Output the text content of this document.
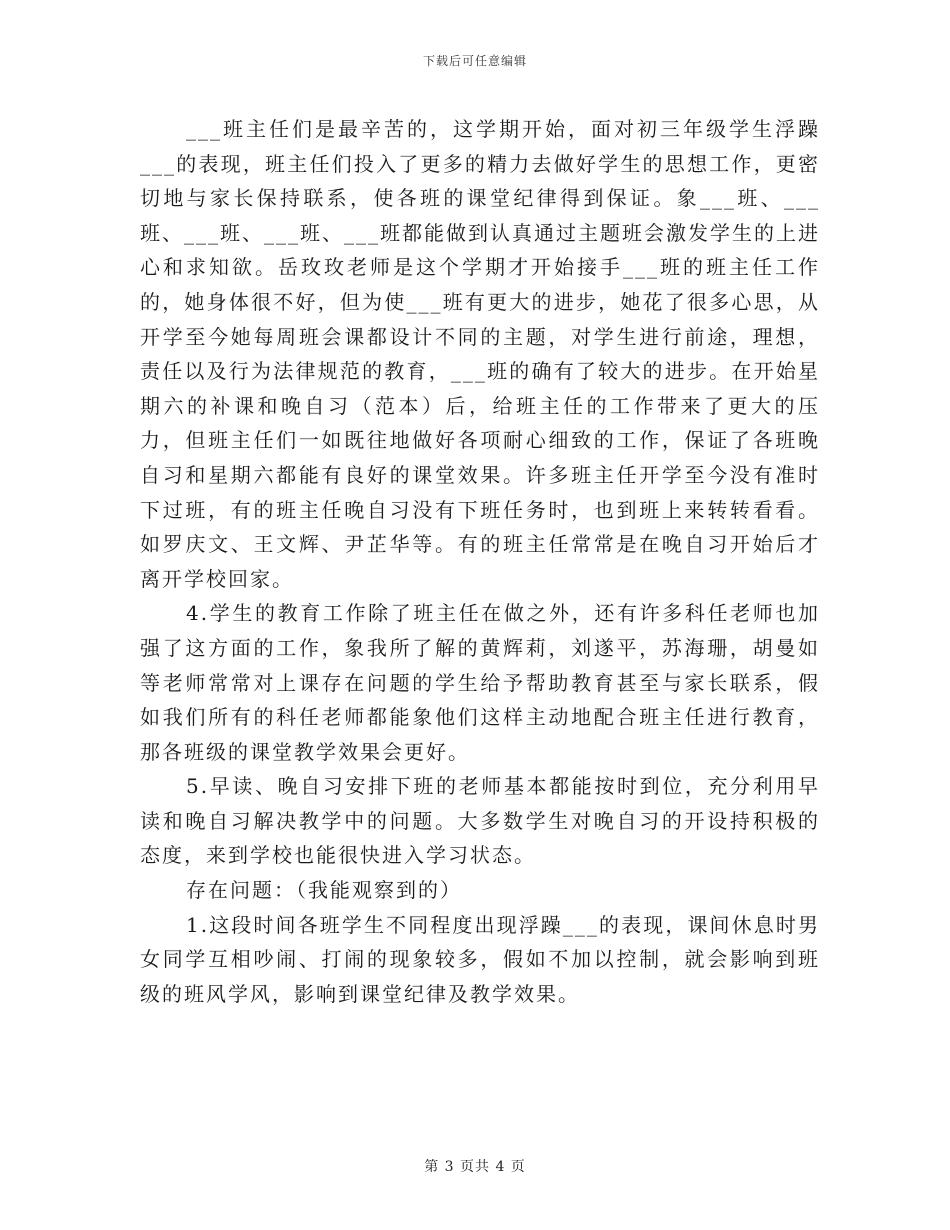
下载后可任意编辑

___班主任们是最辛苦的，这学期开始，面对初三年级学生浮躁___的表现，班主任们投入了更多的精力去做好学生的思想工作，更密切地与家长保持联系，使各班的课堂纪律得到保证。象___班、___班、___班、___班、___班都能做到认真通过主题班会激发学生的上进心和求知欲。岳玫玫老师是这个学期才开始接手___班的班主任工作的，她身体很不好，但为使___班有更大的进步，她花了很多心思，从开学至今她每周班会课都设计不同的主题，对学生进行前途，理想，责任以及行为法律规范的教育，___班的确有了较大的进步。在开始星期六的补课和晚自习（范本）后，给班主任的工作带来了更大的压力，但班主任们一如既往地做好各项耐心细致的工作，保证了各班晚自习和星期六都能有良好的课堂效果。许多班主任开学至今没有准时下过班，有的班主任晚自习没有下班任务时，也到班上来转转看看。如罗庆文、王文辉、尹芷华等。有的班主任常常是在晚自习开始后才离开学校回家。

4.学生的教育工作除了班主任在做之外，还有许多科任老师也加强了这方面的工作，象我所了解的黄辉莉，刘遂平，苏海珊，胡曼如等老师常常对上课存在问题的学生给予帮助教育甚至与家长联系，假如我们所有的科任老师都能象他们这样主动地配合班主任进行教育，那各班级的课堂教学效果会更好。

5.早读、晚自习安排下班的老师基本都能按时到位，充分利用早读和晚自习解决教学中的问题。大多数学生对晚自习的开设持积极的态度，来到学校也能很快进入学习状态。

存在问题：（我能观察到的）

1.这段时间各班学生不同程度出现浮躁___的表现，课间休息时男女同学互相吵闹、打闹的现象较多，假如不加以控制，就会影响到班级的班风学风，影响到课堂纪律及教学效果。

第 3 页共 4 页
